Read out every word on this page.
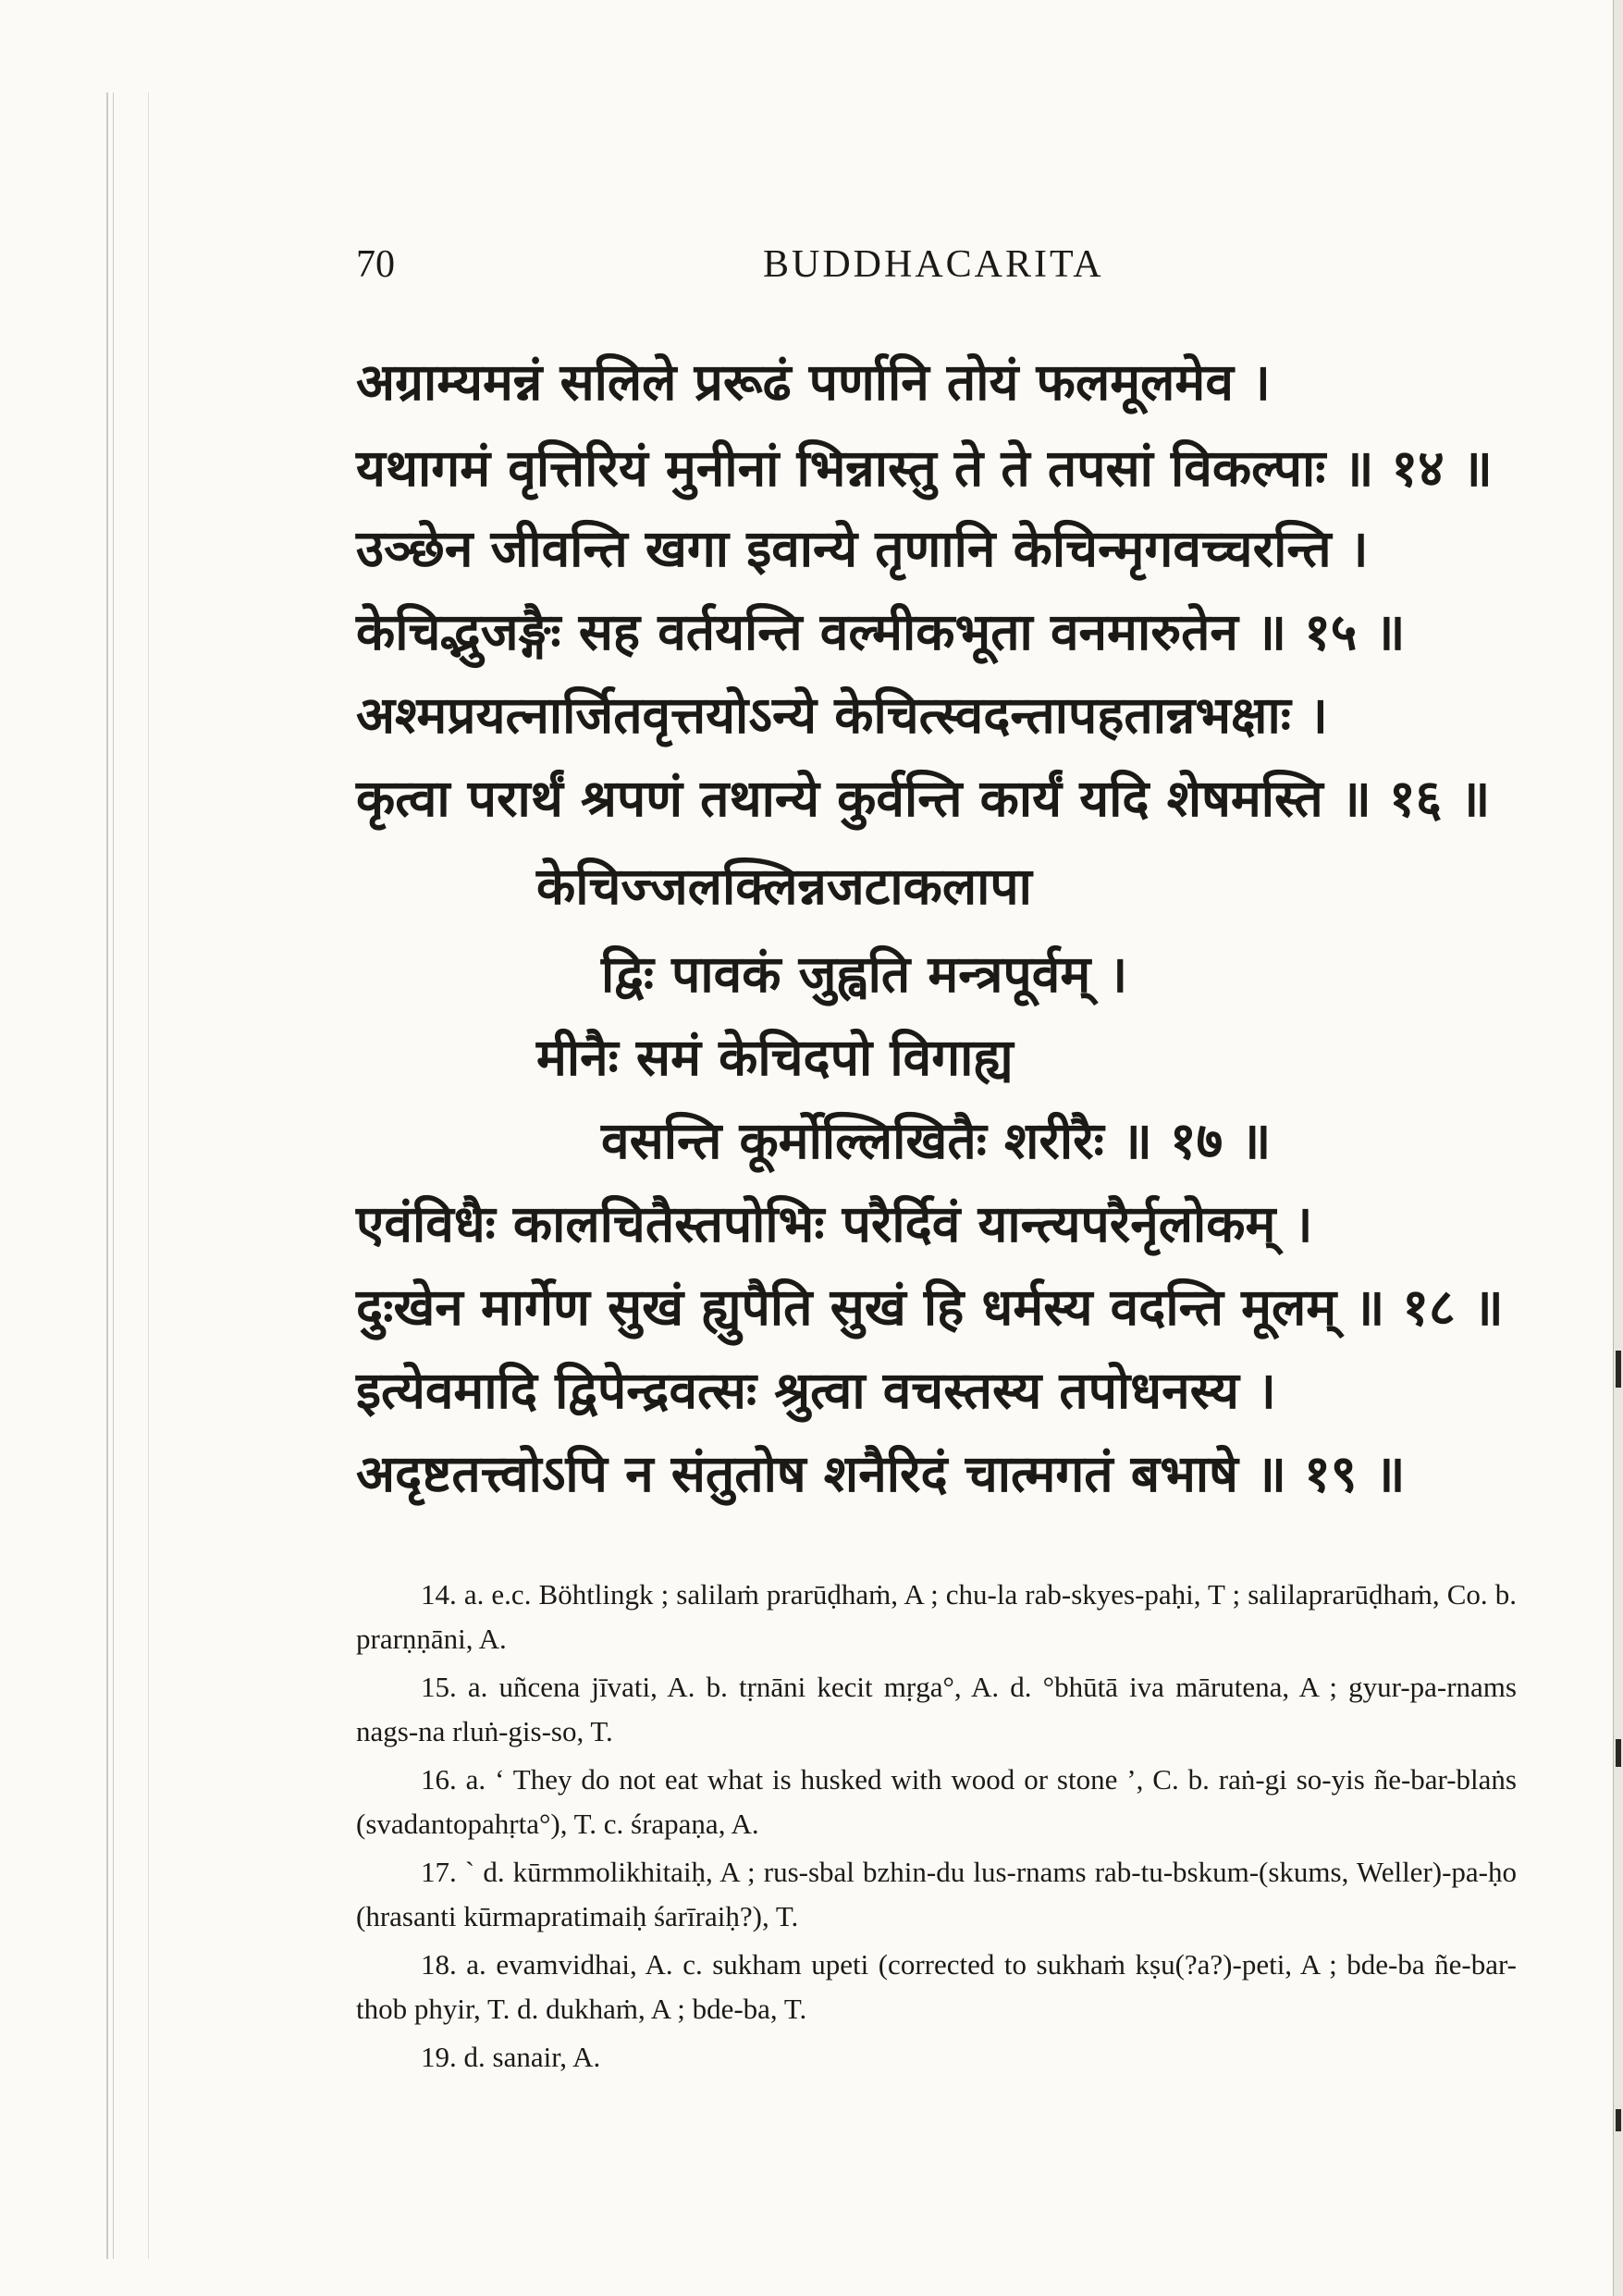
70	BUDDHACARITA
अग्राम्यमन्नं सलिले प्ररूढं पर्णानि तोयं फलमूलमेव ।
यथागमं वृत्तिरियं मुनीनां भिन्नास्तु ते ते तपसां विकल्पाः ॥ १४ ॥
उञ्छेन जीवन्ति खगा इवान्ये तृणानि केचिन्मृगवच्चरन्ति ।
केचिद्भुजङ्गैः सह वर्तयन्ति वल्मीकभूता वनमारुतेन ॥ १५ ॥
अश्मप्रयत्नार्जितवृत्तयोऽन्ये केचित्स्वदन्तापहतान्नभक्षाः ।
कृत्वा परार्थं श्रपणं तथान्ये कुर्वन्ति कार्यं यदि शेषमस्ति ॥ १६ ॥
केचिज्जलक्लिन्नजटाकलापा
द्विः पावकं जुह्वति मन्त्रपूर्वम् ।
मीनैः समं केचिदपो विगाह्य
वसन्ति कूर्मोल्लिखितैः शरीरैः ॥ १७ ॥
एवंविधैः कालचितैस्तपोभिः परैर्दिवं यान्त्यपरैर्नृलोकम् ।
दुःखेन मार्गेण सुखं ह्युपैति सुखं हि धर्मस्य वदन्ति मूलम् ॥ १८ ॥
इत्येवमादि द्विपेन्द्रवत्सः श्रुत्वा वचस्तस्य तपोधनस्य ।
अदृष्टतत्त्वोऽपि न संतुतोष शनैरिदं चात्मगतं बभाषे ॥ १९ ॥

14. a. e.c. Böhtlingk ; salilaṁ prarūḍhaṁ, A ; chu-la rab-skyes-paḥi, T ; salilaprarūḍhaṁ, Co. b. prarṇṇāni, A.

15. a. uñcena jīvati, A. b. tṛnāni kecit mṛga°, A. d. °bhūtā iva mārutena, A ; gyur-pa-rnams nags-na rluṅ-gis-so, T.

16. a. ‘ They do not eat what is husked with wood or stone ’, C. b. raṅ-gi so-yis ñe-bar-blaṅs (svadantopahṛta°), T. c. śrapaṇa, A.

17. ` d. kūrmmolikhitaiḥ, A ; rus-sbal bzhin-du lus-rnams rab-tu-bskum-(skums, Weller)-pa-ḥo (hrasanti kūrmapratimaiḥ śarīraiḥ?), T.

18. a. evamvidhai, A. c. sukham upeti (corrected to sukhaṁ kṣu(?a?)-peti, A ; bde-ba ñe-bar-thob phyir, T. d. dukhaṁ, A ; bde-ba, T.

19. d. sanair, A.
